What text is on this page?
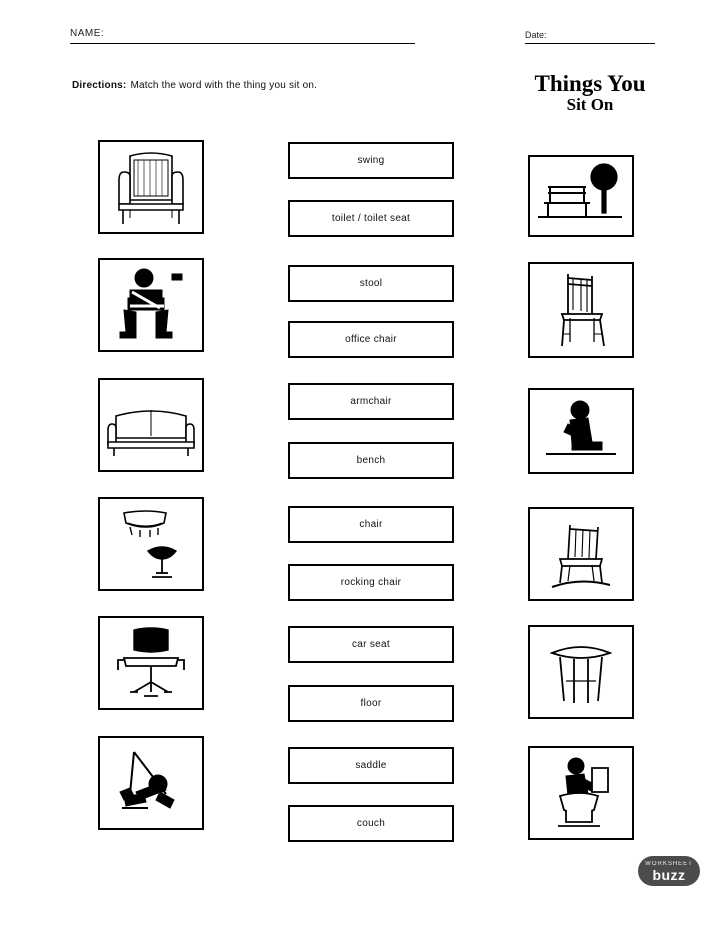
NAME:	Date:
Directions: Match the word with the thing you sit on.	Things You
Sit On
swing
toilet / toilet seat
stool
office chair
armchair
bench
chair
rocking chair
car seat
floor
saddle
couch
WORKSHEET
buzz
